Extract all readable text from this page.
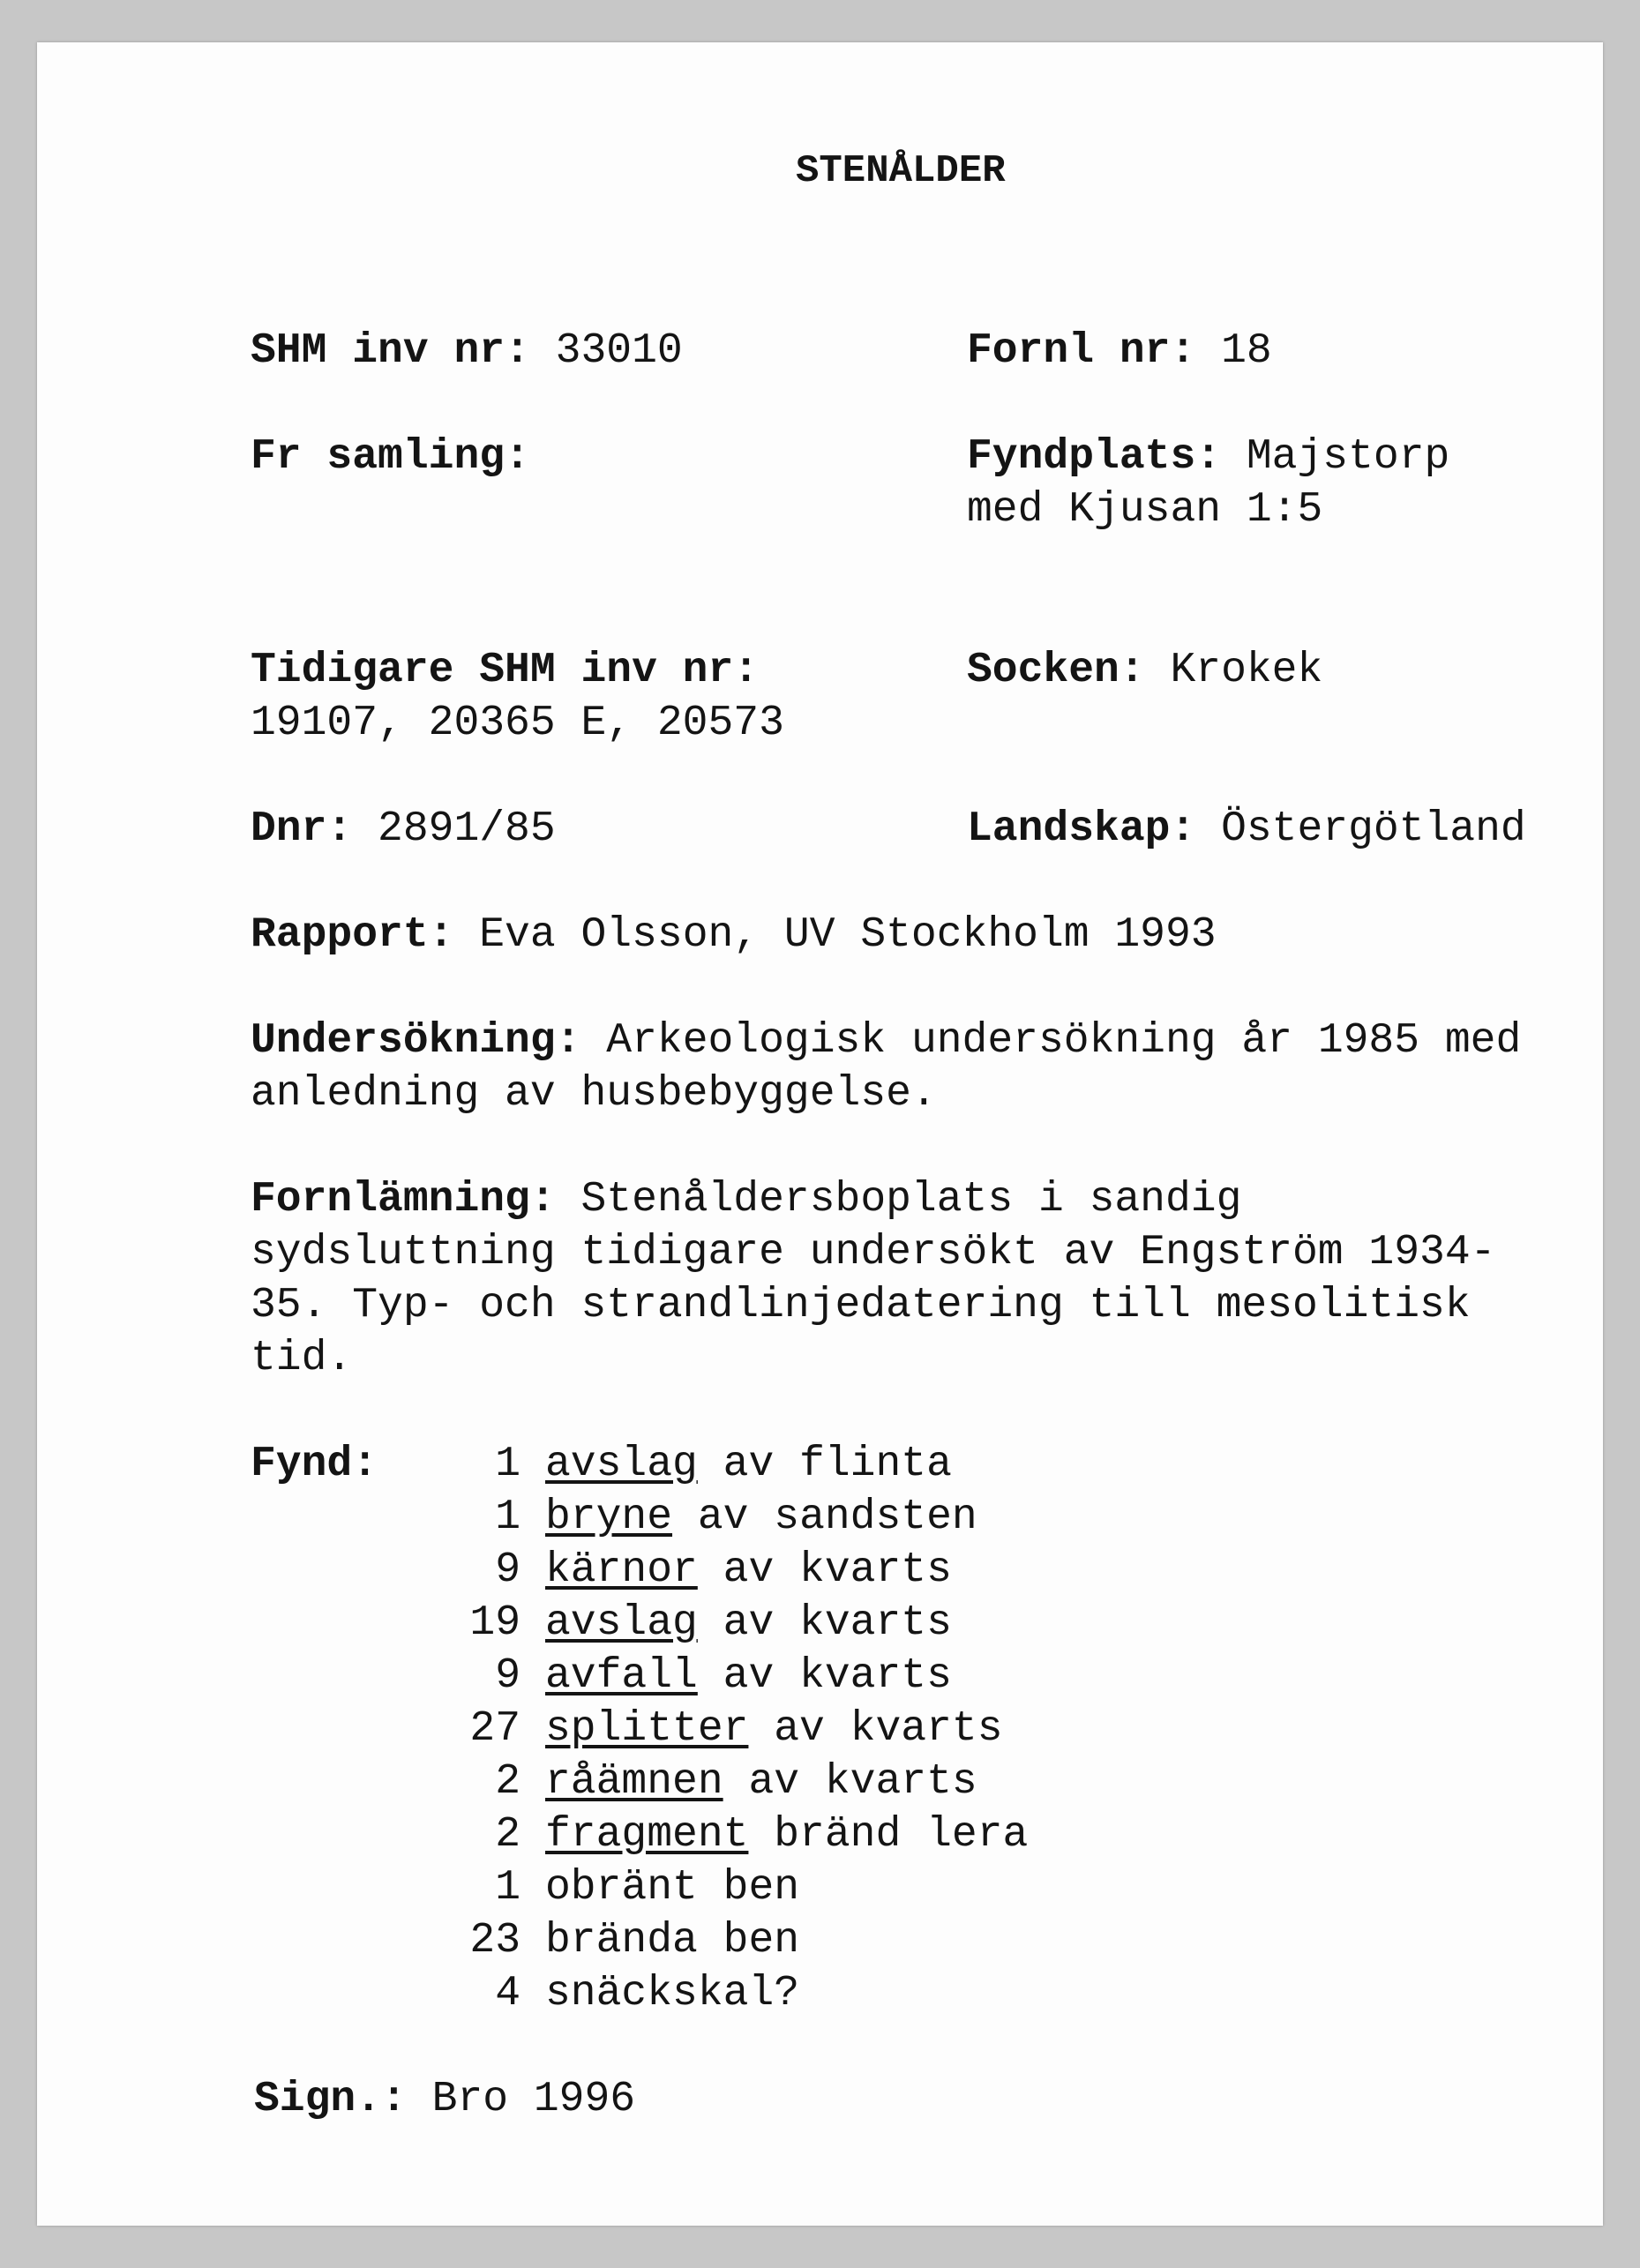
STENÅLDER
SHM inv nr: 33010	Fornl nr: 18
Fr samling:	Fyndplats: Majstorp
med Kjusan 1:5
Tidigare SHM inv nr:
19107, 20365 E, 20573
Socken: Krokek
Dnr: 2891/85	Landskap: Östergötland
Rapport: Eva Olsson, UV Stockholm 1993
Undersökning: Arkeologisk undersökning år 1985 med
anledning av husbebyggelse.
Fornlämning: Stenåldersboplats i sandig
sydsluttning tidigare undersökt av Engström 1934-
35. Typ- och strandlinjedatering till mesolitisk
tid.
Fynd:	1 avslag av flinta
1 bryne av sandsten
9 kärnor av kvarts
19 avslag av kvarts
9 avfall av kvarts
27 splitter av kvarts
2 råämnen av kvarts
2 fragment bränd lera
1 obränt ben
23 brända ben
4 snäckskal?
Sign.: Bro 1996
